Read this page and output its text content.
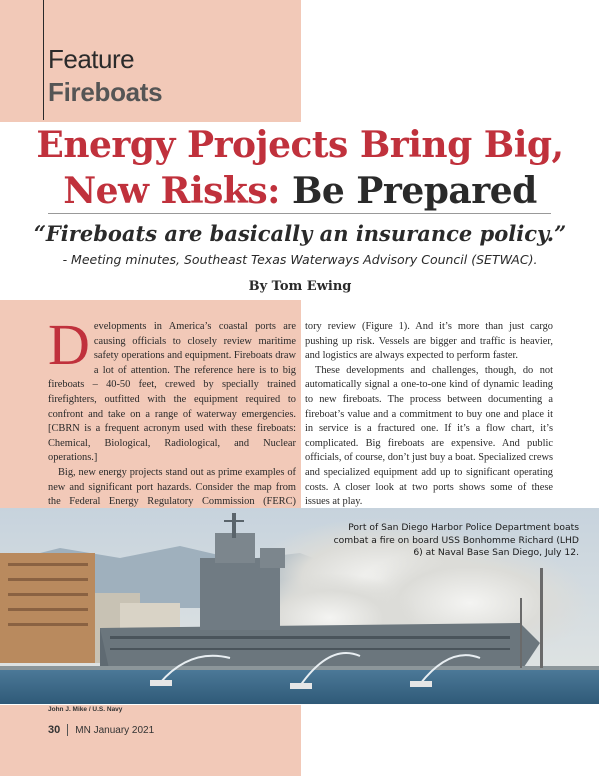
Feature
Fireboats
Energy Projects Bring Big, New Risks: Be Prepared
“Fireboats are basically an insurance policy.”
- Meeting minutes, Southeast Texas Waterways Advisory Council (SETWAC).
By Tom Ewing

Developments in America’s coastal ports are causing officials to closely review maritime safety operations and equipment. Fireboats draw a lot of attention. The reference here is to big fireboats – 40-50 feet, crewed by specially trained firefighters, outfitted with the equipment required to confront and take on a range of waterway emergencies. [CBRN is a frequent acronym used with these fireboats: Chemical, Biological, Radiological, and Nuclear operations.]

Big, new energy projects stand out as prime examples of new and significant port hazards. Consider the map from the Federal Energy Regulatory Commission (FERC)

tory review (Figure 1). And it’s more than just cargo pushing up risk. Vessels are bigger and traffic is heavier, and logistics are always expected to perform faster.

These developments and challenges, though, do not automatically signal a one-to-one kind of dynamic leading to new fireboats. The process between documenting a fireboat’s value and a commitment to buy one and place it in service is a fractured one. If it’s a flow chart, it’s complicated. Big fireboats are expensive. And public officials, of course, don’t just buy a boat. Specialized crews and specialized equipment add up to significant operating costs. A closer look at two ports shows some of these issues at play.

Port of San Diego Harbor Police Department boats combat a fire on board USS Bonhomme Richard (LHD 6) at Naval Base San Diego, July 12.
John J. Mike / U.S. Navy
30 MN January 2021
